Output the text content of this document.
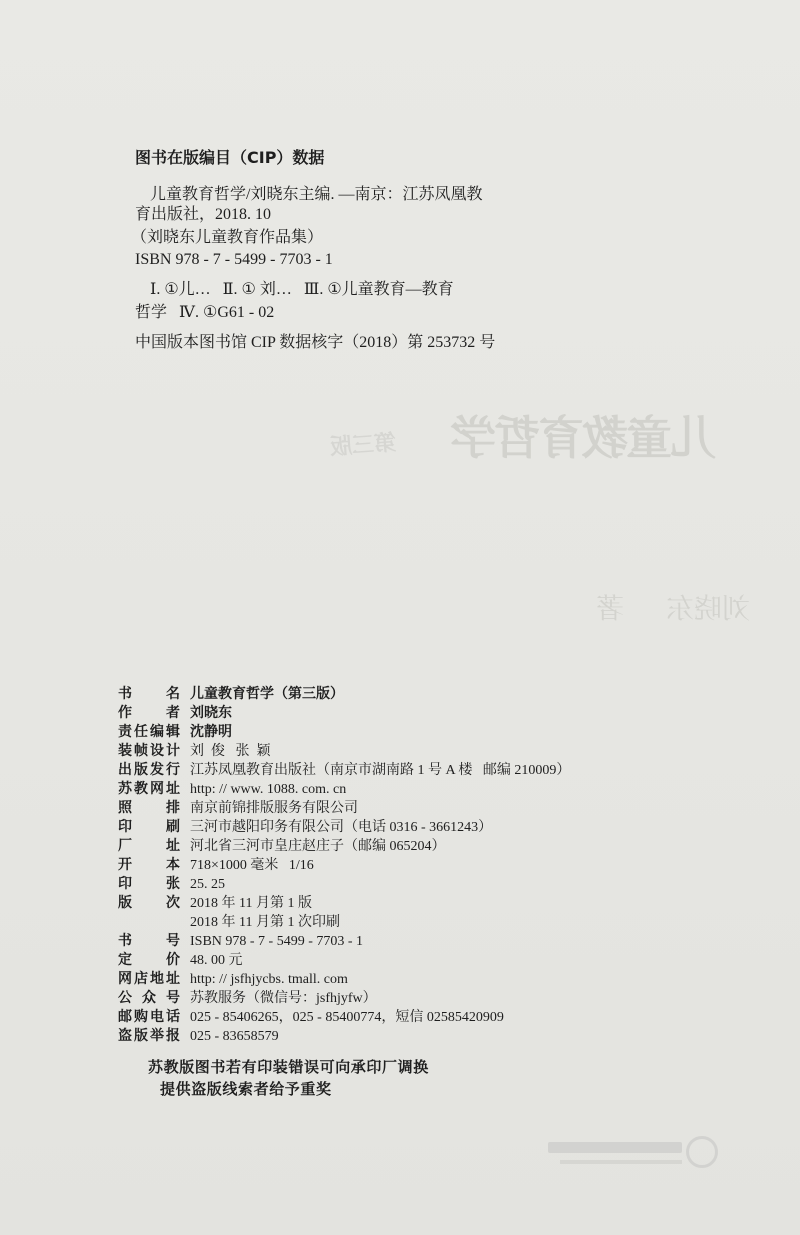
儿童教育哲学
第三版
刘晓东著
图书在版编目（CIP）数据
儿童教育哲学/刘晓东主编. —南京：江苏凤凰教
育出版社，2018. 10
（刘晓东儿童教育作品集）
ISBN 978 - 7 - 5499 - 7703 - 1
Ⅰ. ①儿…   Ⅱ. ① 刘…   Ⅲ. ①儿童教育—教育
哲学   Ⅳ. ①G61 - 02
中国版本图书馆 CIP 数据核字（2018）第 253732 号
书 名 儿童教育哲学（第三版）
作 者 刘晓东
责任编辑 沈静明
装帧设计 刘  俊   张  颖
出版发行 江苏凤凰教育出版社（南京市湖南路 1 号 A 楼   邮编 210009）
苏教网址 http: // www. 1088. com. cn
照 排 南京前锦排版服务有限公司
印 刷 三河市越阳印务有限公司（电话 0316 - 3661243）
厂 址 河北省三河市皇庄赵庄子（邮编 065204）
开 本 718×1000 毫米   1/16
印 张 25. 25
版 次 2018 年 11 月第 1 版
2018 年 11 月第 1 次印刷
书 号 ISBN 978 - 7 - 5499 - 7703 - 1
定 价 48. 00 元
网店地址 http: // jsfhjycbs. tmall. com
公 众 号 苏教服务（微信号：jsfhjyfw）
邮购电话 025 - 85406265，025 - 85400774，短信 02585420909
盗版举报 025 - 83658579
苏教版图书若有印装错误可向承印厂调换
提供盗版线索者给予重奖
